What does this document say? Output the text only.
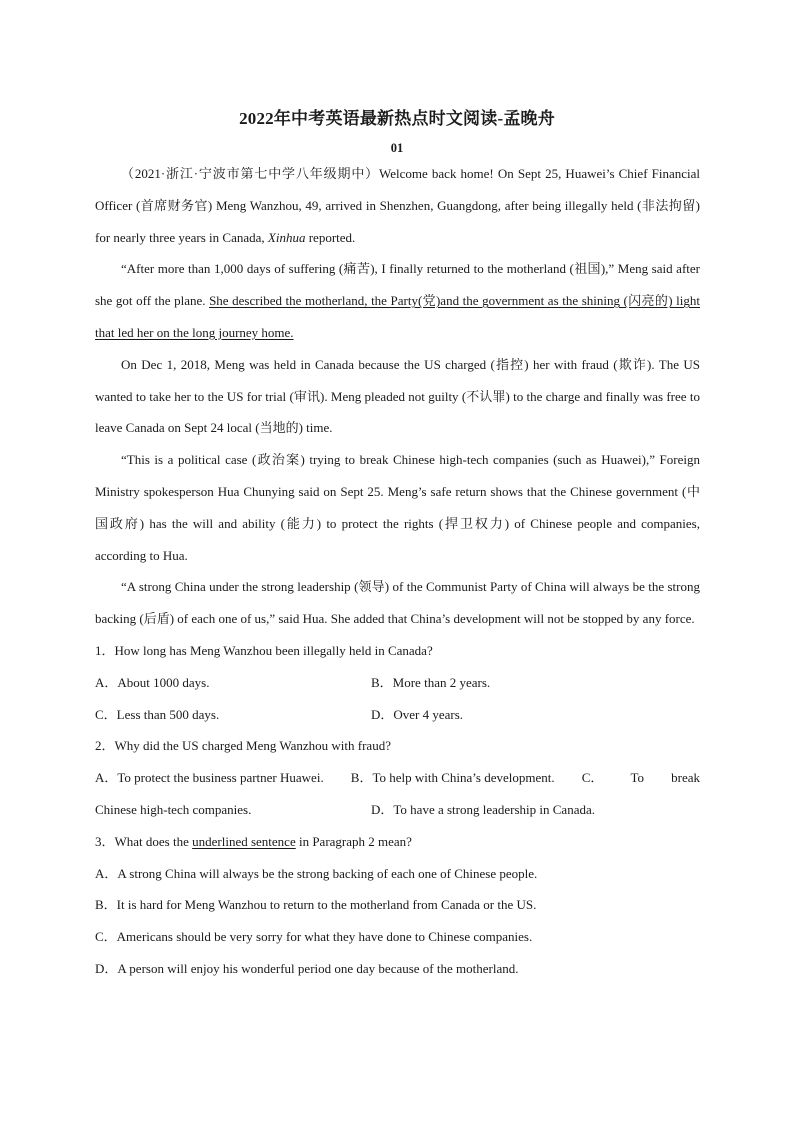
2022年中考英语最新热点时文阅读-孟晚舟
01

（2021·浙江·宁波市第七中学八年级期中）Welcome back home! On Sept 25, Huawei’s Chief Financial Officer (首席财务官) Meng Wanzhou, 49, arrived in Shenzhen, Guangdong, after being illegally held (非法拘留) for nearly three years in Canada, Xinhua reported.

“After more than 1,000 days of suffering (痛苦), I finally returned to the motherland (祖国),” Meng said after she got off the plane. She described the motherland, the Party(党)and the government as the shining (闪亮的) light that led her on the long journey home.

On Dec 1, 2018, Meng was held in Canada because the US charged (指控) her with fraud (欺诈). The US wanted to take her to the US for trial (审讯). Meng pleaded not guilty (不认罪) to the charge and finally was free to leave Canada on Sept 24 local (当地的) time.

“This is a political case (政治案) trying to break Chinese high-tech companies (such as Huawei),” Foreign Ministry spokesperson Hua Chunying said on Sept 25. Meng’s safe return shows that the Chinese government (中国政府) has the will and ability (能力) to protect the rights (捍卫权力) of Chinese people and companies, according to Hua.

“A strong China under the strong leadership (领导) of the Communist Party of China will always be the strong backing (后盾) of each one of us,” said Hua. She added that China’s development will not be stopped by any force.

1．How long has Meng Wanzhou been illegally held in Canada?

A．About 1000 days.	B．More than 2 years.
C．Less than 500 days.	D．Over 4 years.

2．Why did the US charged Meng Wanzhou with fraud?

A．To protect the business partner Huawei. B．To help with China’s development. C． To break
Chinese high-tech companies.	D．To have a strong leadership in Canada.

3．What does the underlined sentence in Paragraph 2 mean?

A．A strong China will always be the strong backing of each one of Chinese people.

B．It is hard for Meng Wanzhou to return to the motherland from Canada or the US.

C．Americans should be very sorry for what they have done to Chinese companies.

D．A person will enjoy his wonderful period one day because of the motherland.
